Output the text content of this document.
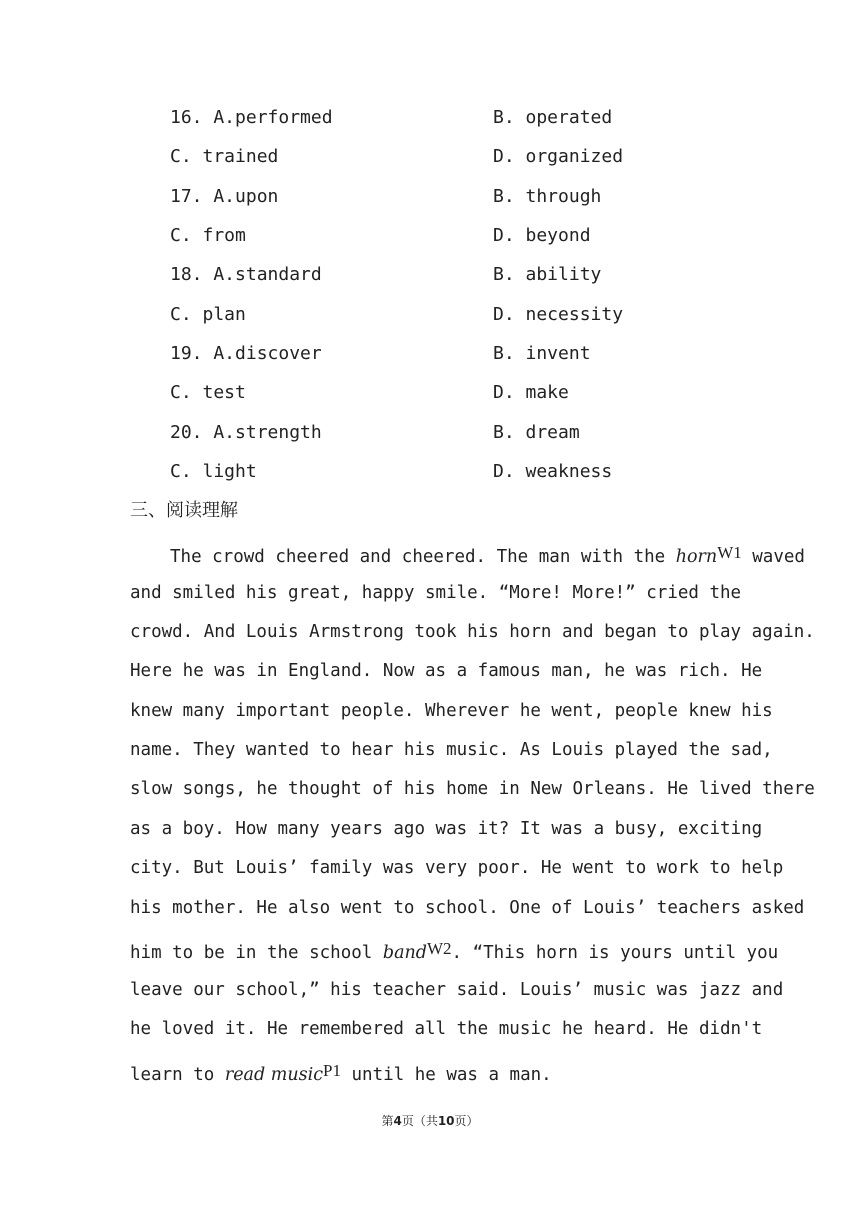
16. A.performed	B. operated
C. trained	D. organized
17. A.upon	B. through
C. from	D. beyond
18. A.standard	B. ability
C. plan	D. necessity
19. A.discover	B. invent
C. test	D. make
20. A.strength	B. dream
C. light	D. weakness
三、阅读理解
The crowd cheered and cheered. The man with the hornW1 waved
and smiled his great, happy smile. “More! More!” cried the
crowd. And Louis Armstrong took his horn and began to play again.
Here he was in England. Now as a famous man, he was rich. He
knew many important people. Wherever he went, people knew his
name. They wanted to hear his music. As Louis played the sad,
slow songs, he thought of his home in New Orleans. He lived there
as a boy. How many years ago was it? It was a busy, exciting
city. But Louis’ family was very poor. He went to work to help
his mother. He also went to school. One of Louis’ teachers asked
him to be in the school bandW2. “This horn is yours until you
leave our school,” his teacher said. Louis’ music was jazz and
he loved it. He remembered all the music he heard. He didn't
learn to read musicP1 until he was a man.
第4页（共10页）
